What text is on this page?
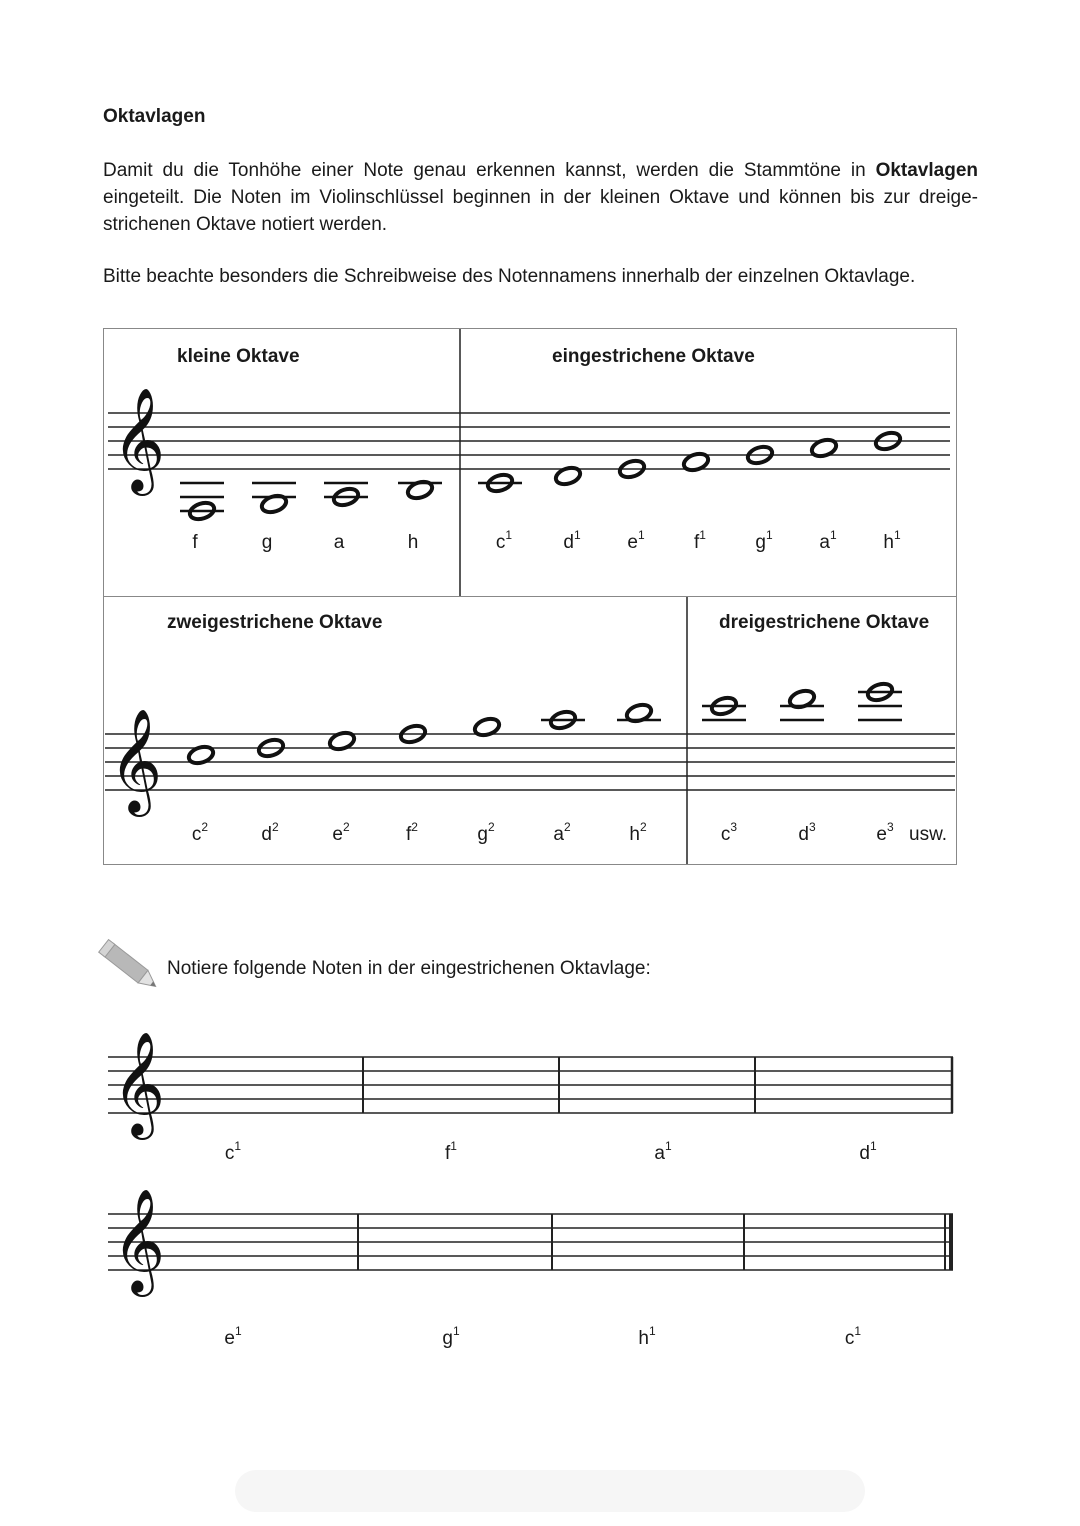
Oktavlagen
Damit du die Tonhöhe einer Note genau erkennen kannst, werden die Stammtöne in Oktavlagen eingeteilt. Die Noten im Violinschlüssel beginnen in der kleinen Oktave und können bis zur dreige-strichenen Oktave notiert werden.
Bitte beachte besonders die Schreibweise des Notennamens innerhalb der einzelnen Oktavlage.
Notiere folgende Noten in der eingestrichenen Oktavlage:
kleine Oktave	eingestrichene Oktave
zweigestrichene Oktave	dreigestrichene Oktave
𝄞
𝄞
𝄞
𝄞
f	g	a	h	$c^1$	$d^1$ $e^1$	$f^1$	$g^1$ $a^1$ $h^1$
$c^2$	$d^2$	$e^2$	$f^2$	$g^2$	$a^2$	$h^2$	$c^3$	$d^3$	$e^3$ usw.
$c^1$	$f^1$	$a^1$	$d^1$
$e^1$	$g^1$	$h^1$	$c^1$
